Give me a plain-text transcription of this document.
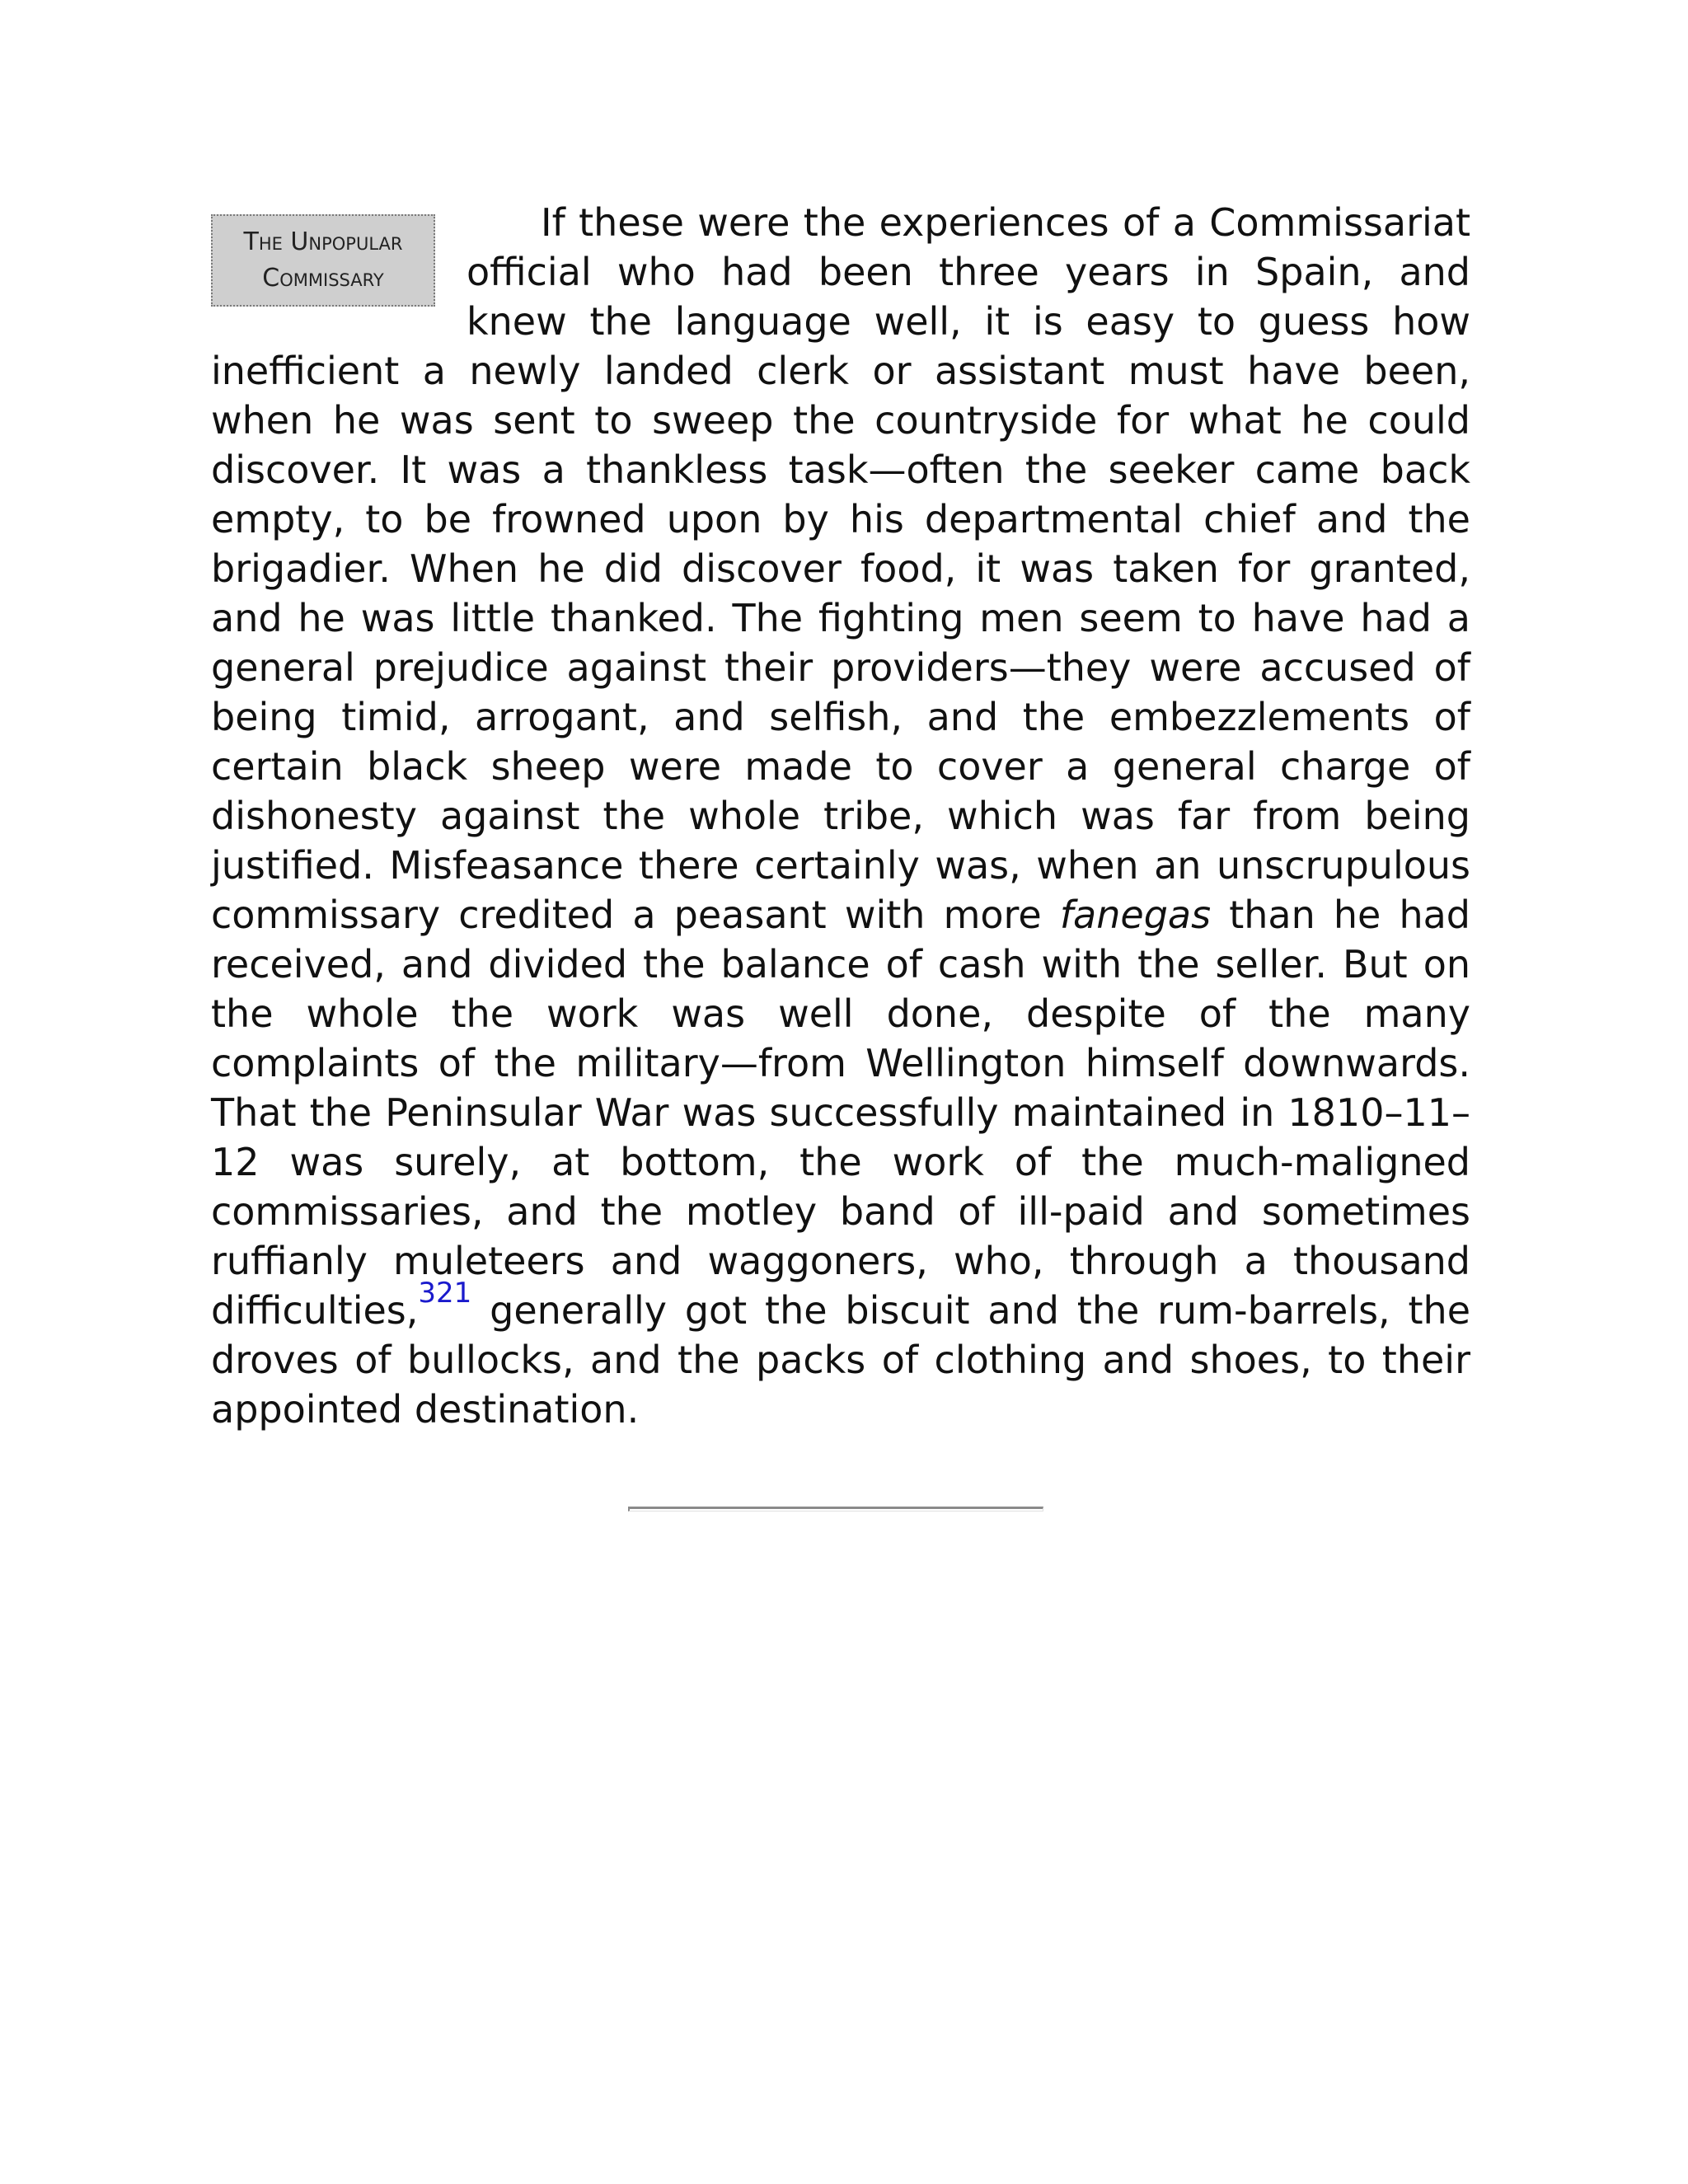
The Unpopular
Commissary

If these were the experiences of a Commissariat official who had been three years in Spain, and knew the language well, it is easy to guess how inefficient a newly landed clerk or assistant must have been, when he was sent to sweep the countryside for what he could discover. It was a thankless task—often the seeker came back empty, to be frowned upon by his departmental chief and the brigadier. When he did discover food, it was taken for granted, and he was little thanked. The fighting men seem to have had a general prejudice against their providers—they were accused of being timid, arrogant, and selfish, and the embezzlements of certain black sheep were made to cover a general charge of dishonesty against the whole tribe, which was far from being justified. Misfeasance there certainly was, when an unscrupulous commissary credited a peasant with more fanegas than he had received, and divided the balance of cash with the seller. But on the whole the work was well done, despite of the many complaints of the military—from Wellington himself downwards. That the Peninsular War was successfully maintained in 1810–11–12 was surely, at bottom, the work of the much-maligned commissaries, and the motley band of ill-paid and sometimes ruffianly muleteers and waggoners, who, through a thousand difficulties,$^{321}$ generally got the biscuit and the rum-barrels, the droves of bullocks, and the packs of clothing and shoes, to their appointed destination.
